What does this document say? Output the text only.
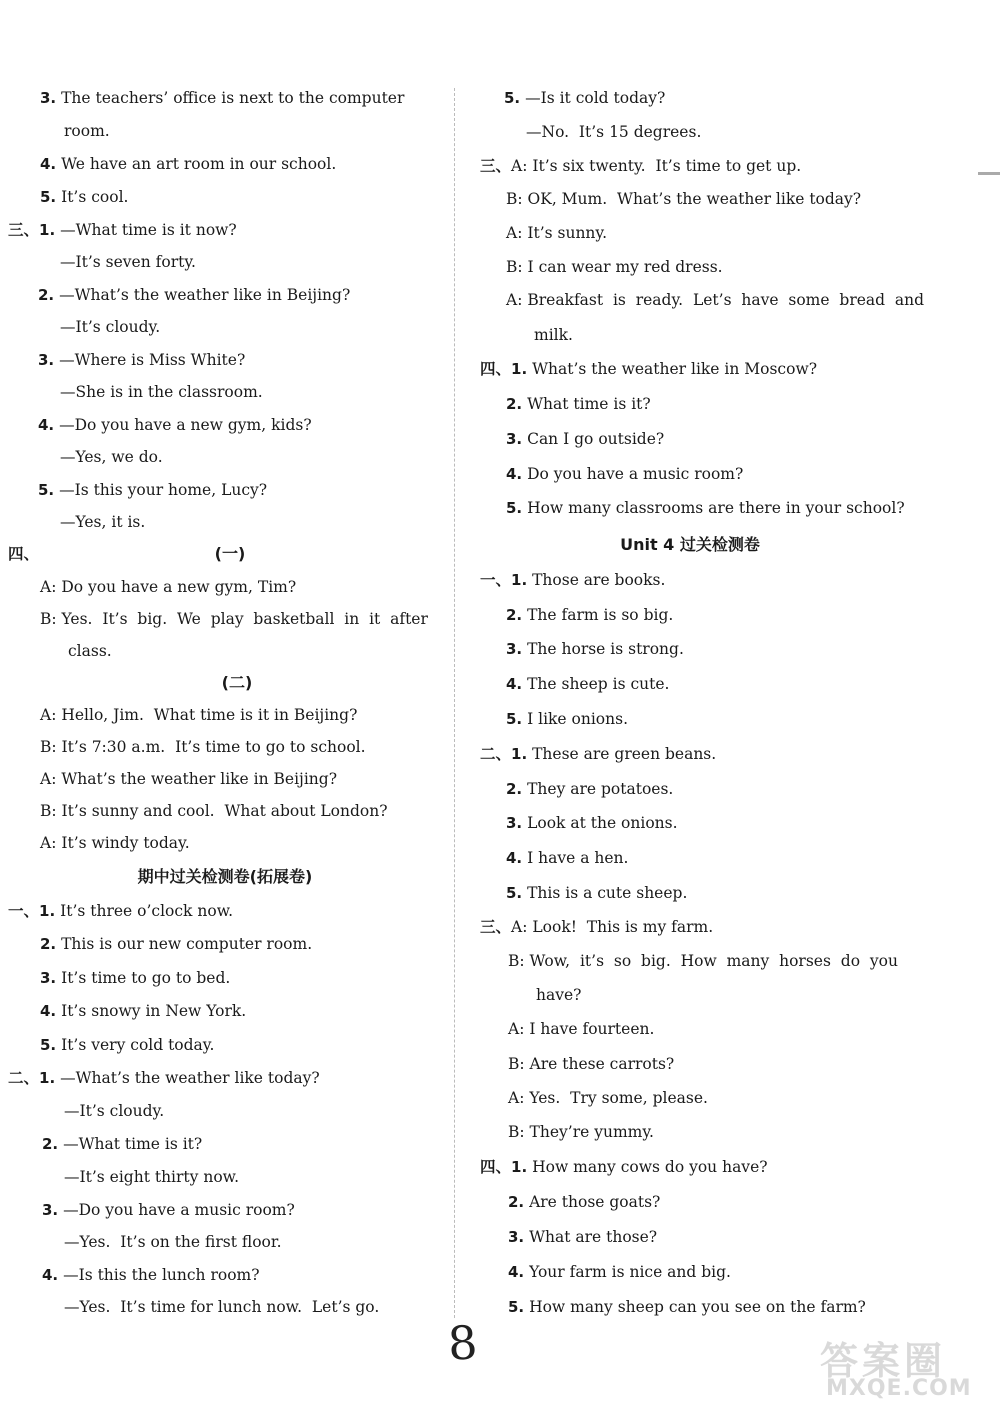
3. The teachers’ office is next to the computer
room.
4. We have an art room in our school.
5. It’s cool.
三、1. —What time is it now?
—It’s seven forty.
2. —What’s the weather like in Beijing?
—It’s cloudy.
3. —Where is Miss White?
—She is in the classroom.
4. —Do you have a new gym, kids?
—Yes, we do.
5. —Is this your home, Lucy?
—Yes, it is.
四、
A: Do you have a new gym, Tim?
B: Yes.  It’s  big.  We  play  basketball  in  it  after
class.
A: Hello, Jim.  What time is it in Beijing?
B: It’s 7:30 a.m.  It’s time to go to school.
A: What’s the weather like in Beijing?
B: It’s sunny and cool.  What about London?
A: It’s windy today.
一、1. It’s three o’clock now.
2. This is our new computer room.
3. It’s time to go to bed.
4. It’s snowy in New York.
5. It’s very cold today.
二、1. —What’s the weather like today?
—It’s cloudy.
2. —What time is it?
—It’s eight thirty now.
3. —Do you have a music room?
—Yes.  It’s on the first floor.
4. —Is this the lunch room?
—Yes.  It’s time for lunch now.  Let’s go.
(一)
(二)
期中过关检测卷(拓展卷)
5. —Is it cold today?
—No.  It’s 15 degrees.
三、A: It’s six twenty.  It’s time to get up.
B: OK, Mum.  What’s the weather like today?
A: It’s sunny.
B: I can wear my red dress.
A: Breakfast  is  ready.  Let’s  have  some  bread  and
milk.
四、1. What’s the weather like in Moscow?
2. What time is it?
3. Can I go outside?
4. Do you have a music room?
5. How many classrooms are there in your school?
一、1. Those are books.
2. The farm is so big.
3. The horse is strong.
4. The sheep is cute.
5. I like onions.
二、1. These are green beans.
2. They are potatoes.
3. Look at the onions.
4. I have a hen.
5. This is a cute sheep.
三、A: Look!  This is my farm.
B: Wow,  it’s  so  big.  How  many  horses  do  you
have?
A: I have fourteen.
B: Are these carrots?
A: Yes.  Try some, please.
B: They’re yummy.
四、1. How many cows do you have?
2. Are those goats?
3. What are those?
4. Your farm is nice and big.
5. How many sheep can you see on the farm?
Unit 4 过关检测卷
8	答案圈
MXQE.COM
